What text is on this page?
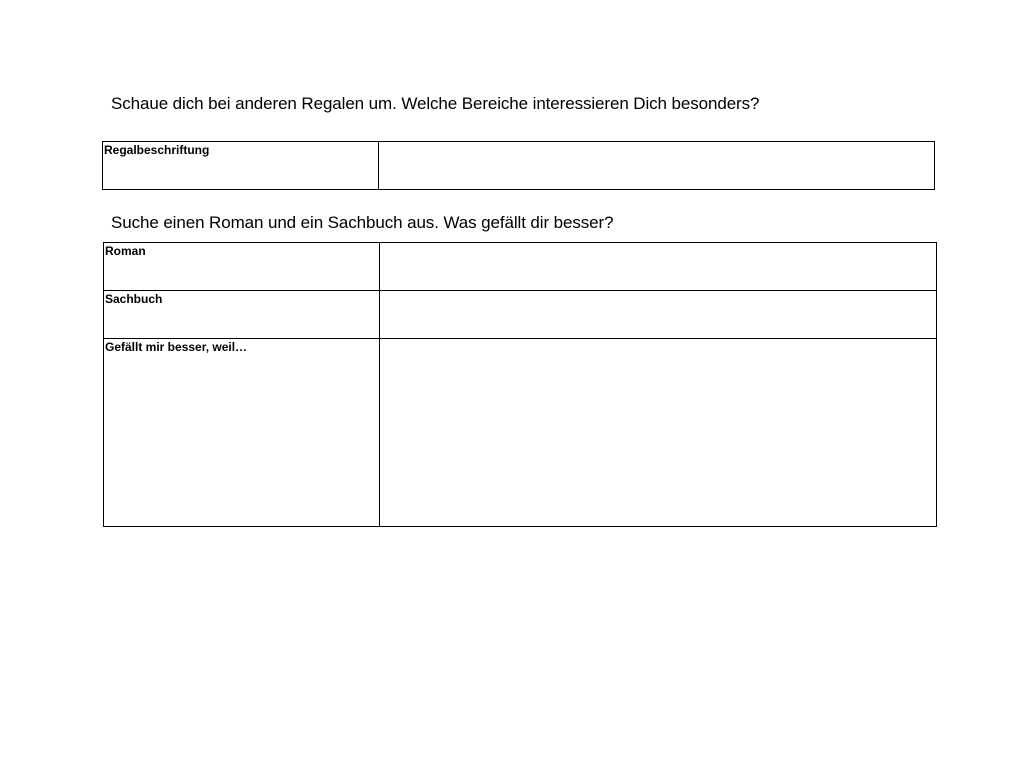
Schaue dich bei anderen Regalen um. Welche Bereiche interessieren Dich besonders?
Regalbeschriftung	
Suche einen Roman und ein Sachbuch aus. Was gefällt dir besser?
Roman	
Sachbuch	
Gefällt mir besser, weil…	
